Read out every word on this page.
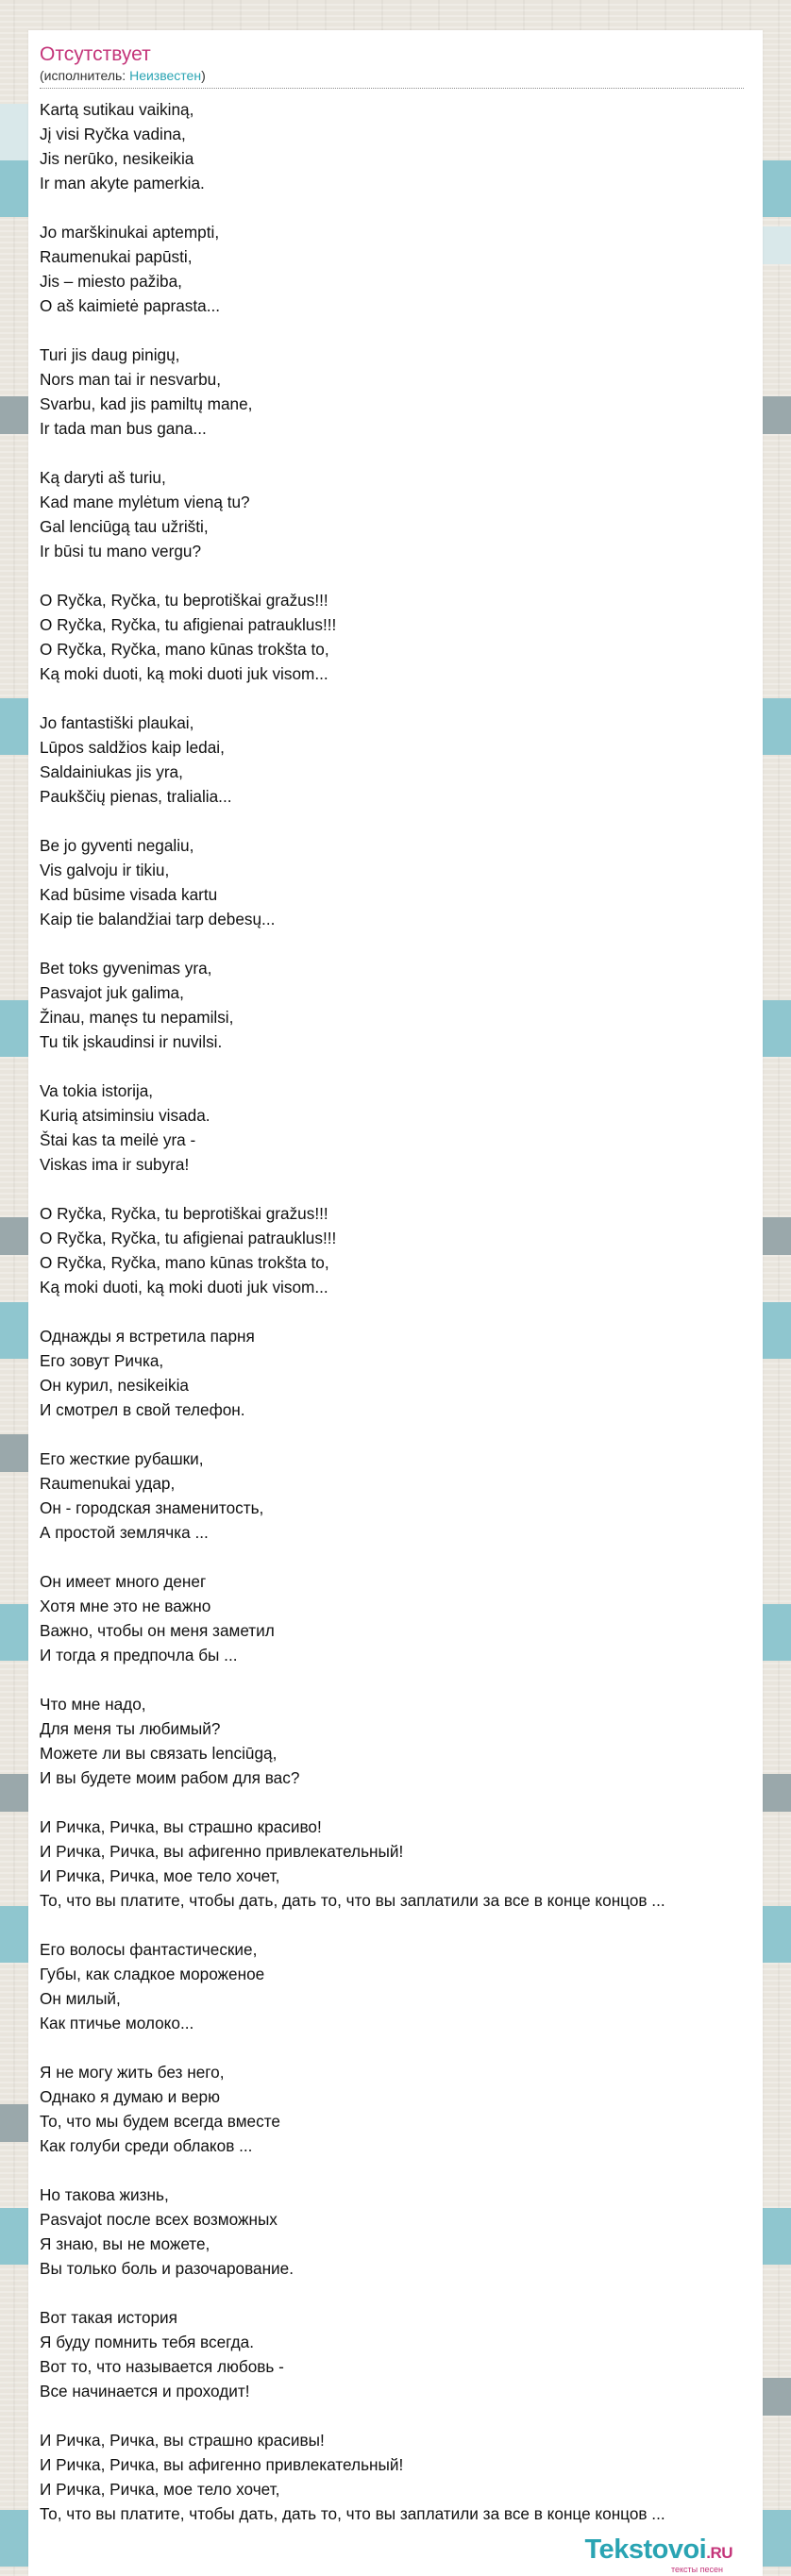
Отсутствует
(исполнитель: Неизвестен)
Kartą sutikau vaikiną,
Jį visi Ryčka vadina,
Jis nerūko, nesikeikia
Ir man akyte pamerkia.
Jo marškinukai aptempti,
Raumenukai papūsti,
Jis – miesto pažiba,
O aš kaimietė paprasta...
Turi jis daug pinigų,
Nors man tai ir nesvarbu,
Svarbu, kad jis pamiltų mane,
Ir tada man bus gana...
Ką daryti aš turiu,
Kad mane mylėtum vieną tu?
Gal lenciūgą tau užrišti,
Ir būsi tu mano vergu?
O Ryčka, Ryčka, tu beprotiškai gražus!!!
O Ryčka, Ryčka, tu afigienai patrauklus!!!
O Ryčka, Ryčka, mano kūnas trokšta to,
Ką moki duoti, ką moki duoti juk visom...
Jo fantastiški plaukai,
Lūpos saldžios kaip ledai,
Saldainiukas jis yra,
Paukščių pienas, tralialia...
Be jo gyventi negaliu,
Vis galvoju ir tikiu,
Kad būsime visada kartu
Kaip tie balandžiai tarp debesų...
Bet toks gyvenimas yra,
Pasvajot juk galima,
Žinau, manęs tu nepamilsi,
Tu tik įskaudinsi ir nuvilsi.
Va tokia istorija,
Kurią atsiminsiu visada.
Štai kas ta meilė yra -
Viskas ima ir subyra!
O Ryčka, Ryčka, tu beprotiškai gražus!!!
O Ryčka, Ryčka, tu afigienai patrauklus!!!
O Ryčka, Ryčka, mano kūnas trokšta to,
Ką moki duoti, ką moki duoti juk visom...
Однажды я встретила парня
Его зовут Ричка,
Он курил, nesikeikia
И смотрел в свой телефон.
Его жесткие рубашки,
Raumenukai удар,
Он - городская знаменитость,
А простой землячка ...
Он имеет много денег
Хотя мне это не важно
Важно, чтобы он меня заметил
И тогда я предпочла бы ...
Что мне надо,
Для меня ты любимый?
Можете ли вы связать lenciūgą,
И вы будете моим рабом для вас?
И Ричка, Ричка, вы страшно красиво!
И Ричка, Ричка, вы афигенно привлекательный!
И Ричка, Ричка, мое тело хочет,
То, что вы платите, чтобы дать, дать то, что вы заплатили за все в конце концов ...
Его волосы фантастические,
Губы, как сладкое мороженое
Он милый,
Как птичье молоко...
Я не могу жить без него,
Однако я думаю и верю
То, что мы будем всегда вместе
Как голуби среди облаков ...
Но такова жизнь,
Pasvajot после всех возможных
Я знаю, вы не можете,
Вы только боль и разочарование.
Вот такая история
Я буду помнить тебя всегда.
Вот то, что называется любовь -
Все начинается и проходит!
И Ричка, Ричка, вы страшно красивы!
И Ричка, Ричка, вы афигенно привлекательный!
И Ричка, Ричка, мое тело хочет,
То, что вы платите, чтобы дать, дать то, что вы заплатили за все в конце концов ...
Tekstovoi.RU
тексты песен
